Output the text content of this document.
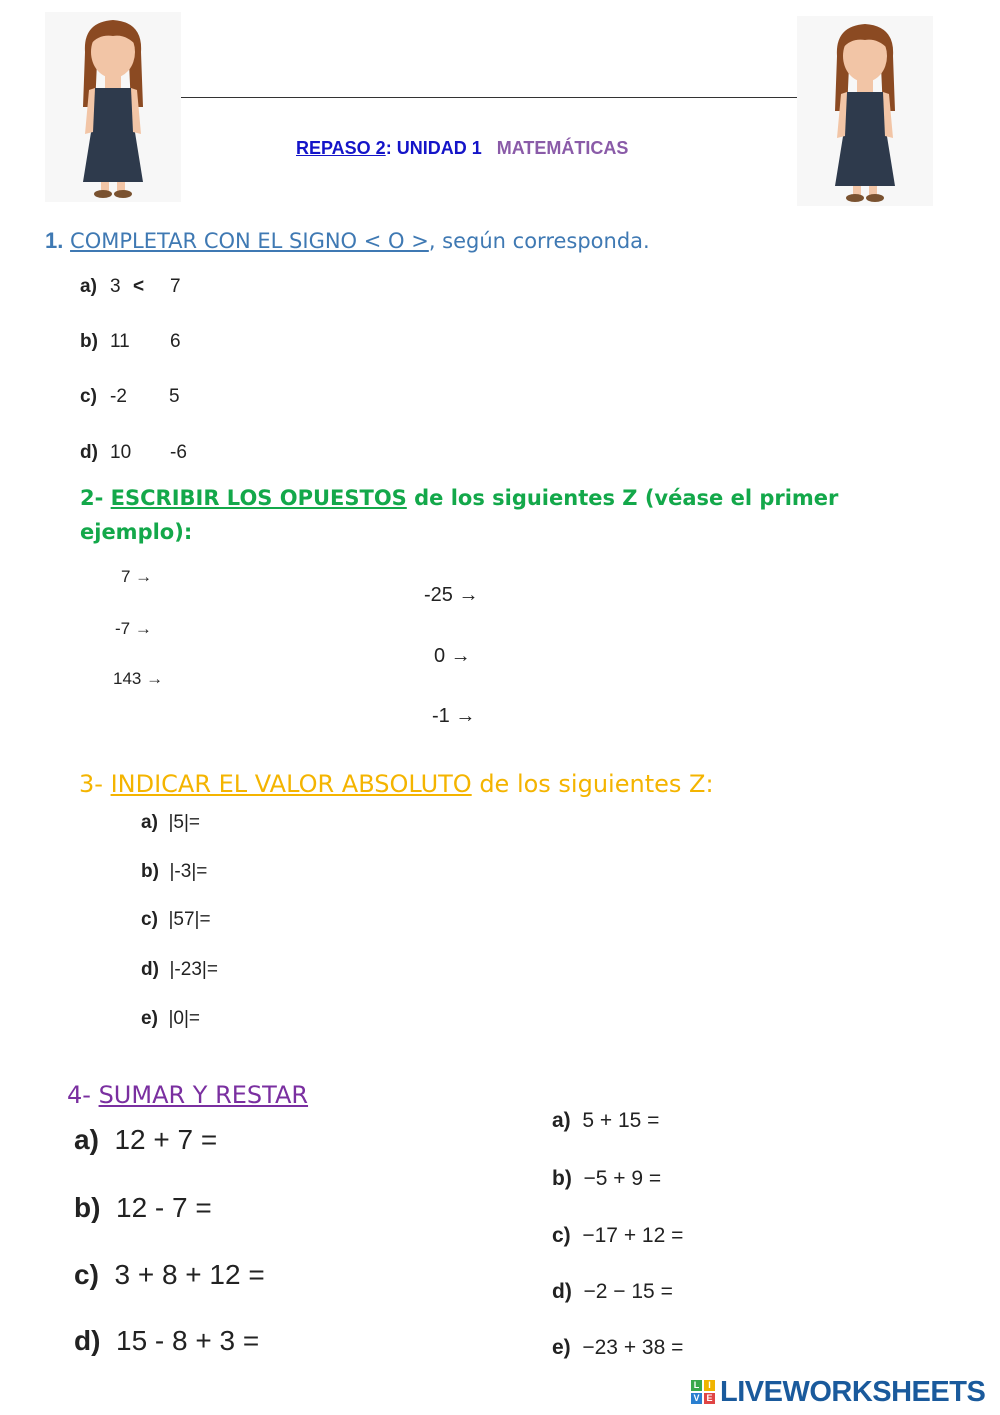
REPASO 2: UNIDAD 1 MATEMÁTICAS
1. COMPLETAR CON EL SIGNO < O >, según corresponda.
a) 3 < 7
b) 11 6
c) -2 5
d) 10 -6
2- ESCRIBIR LOS OPUESTOS de los siguientes Z (véase el primer ejemplo):
7 →
-7 →
143 →
-25 →
0 →
-1 →
3- INDICAR EL VALOR ABSOLUTO de los siguientes Z:
a) |5|=
b) |-3|=
c) |57|=
d) |-23|=
e) |0|=
4- SUMAR Y RESTAR
a) 12 + 7 =
b) 12 - 7 =
c) 3 + 8 + 12 =
d) 15 - 8 + 3 =
a) 5 + 15 =
b) −5 + 9 =
c) −17 + 12 =
d) −2 − 15 =
e) −23 + 38 =
L I
V E LIVEWORKSHEETS
